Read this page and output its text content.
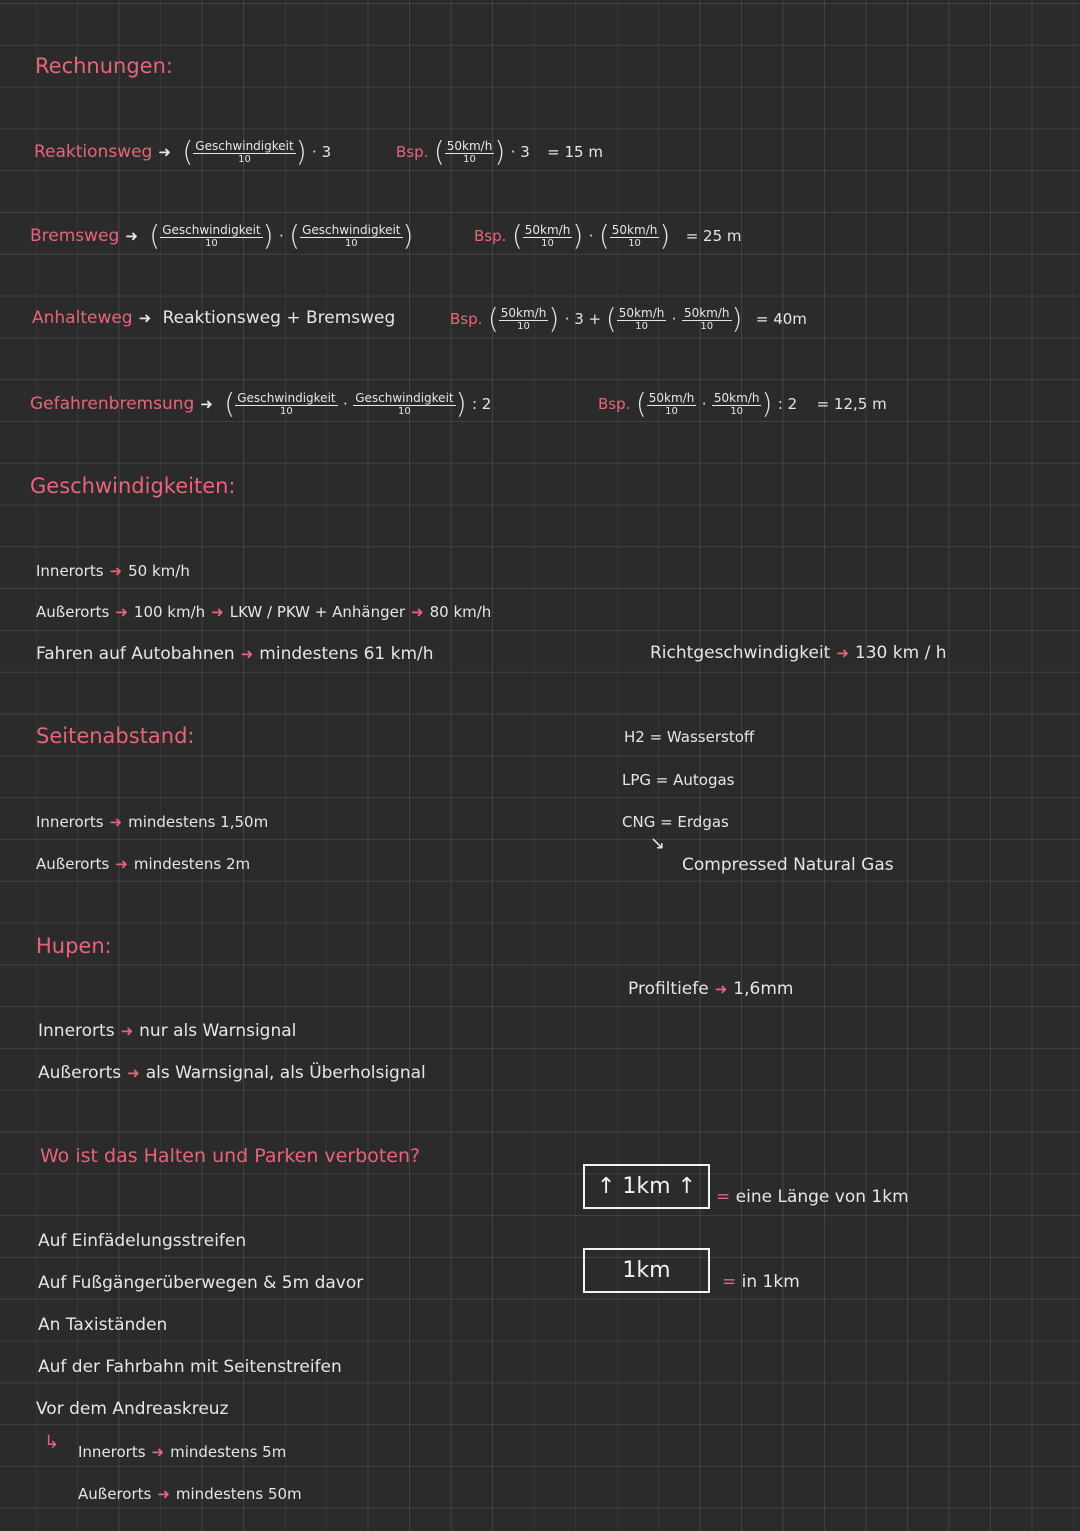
Rechnungen:
Reaktionsweg ➜ ( $\frac{\text{Geschwindigkeit}}{10}$ ) · 3	Bsp. ( $\frac{50km/h}{10}$ ) · 3 = 15 m
Bremsweg ➜ ( $\frac{\text{Geschwindigkeit}}{10}$ ) · ( $\frac{\text{Geschwindigkeit}}{10}$ )	Bsp. ( $\frac{50km/h}{10}$ ) · ( $\frac{50km/h}{10}$ ) = 25 m
Anhalteweg ➜ Reaktionsweg + Bremsweg	Bsp. ( $\frac{50km/h}{10}$ ) · 3 + ( $\frac{50km/h}{10} \cdot \frac{50km/h}{10}$ ) = 40m
Gefahrenbremsung ➜ ( $\frac{\text{Geschwindigkeit}}{10} \cdot \frac{\text{Geschwindigkeit}}{10}$ ) : 2	Bsp. ( $\frac{50km/h}{10} \cdot \frac{50km/h}{10}$ ) : 2 = 12,5 m
Geschwindigkeiten:
Innerorts ➜ 50 km/h
Außerorts ➜ 100 km/h ➜ LKW / PKW + Anhänger ➜ 80 km/h
Fahren auf Autobahnen ➜ mindestens 61 km/h	Richtgeschwindigkeit ➜ 130 km / h
Seitenabstand:
Innerorts ➜ mindestens 1,50m
Außerorts ➜ mindestens 2m
H2 = Wasserstoff
LPG = Autogas
CNG = Erdgas
↘
Compressed Natural Gas
Hupen:
Innerorts ➜ nur als Warnsignal
Außerorts ➜ als Warnsignal, als Überholsignal
Profiltiefe ➜ 1,6mm
Wo ist das Halten und Parken verboten?
Auf Einfädelungsstreifen
Auf Fußgängerüberwegen & 5m davor
An Taxiständen
Auf der Fahrbahn mit Seitenstreifen
Vor dem Andreaskreuz
↳ Innerorts ➜ mindestens 5m
Außerorts ➜ mindestens 50m
↑ 1km ↑	= eine Länge von 1km
1km	= in 1km
